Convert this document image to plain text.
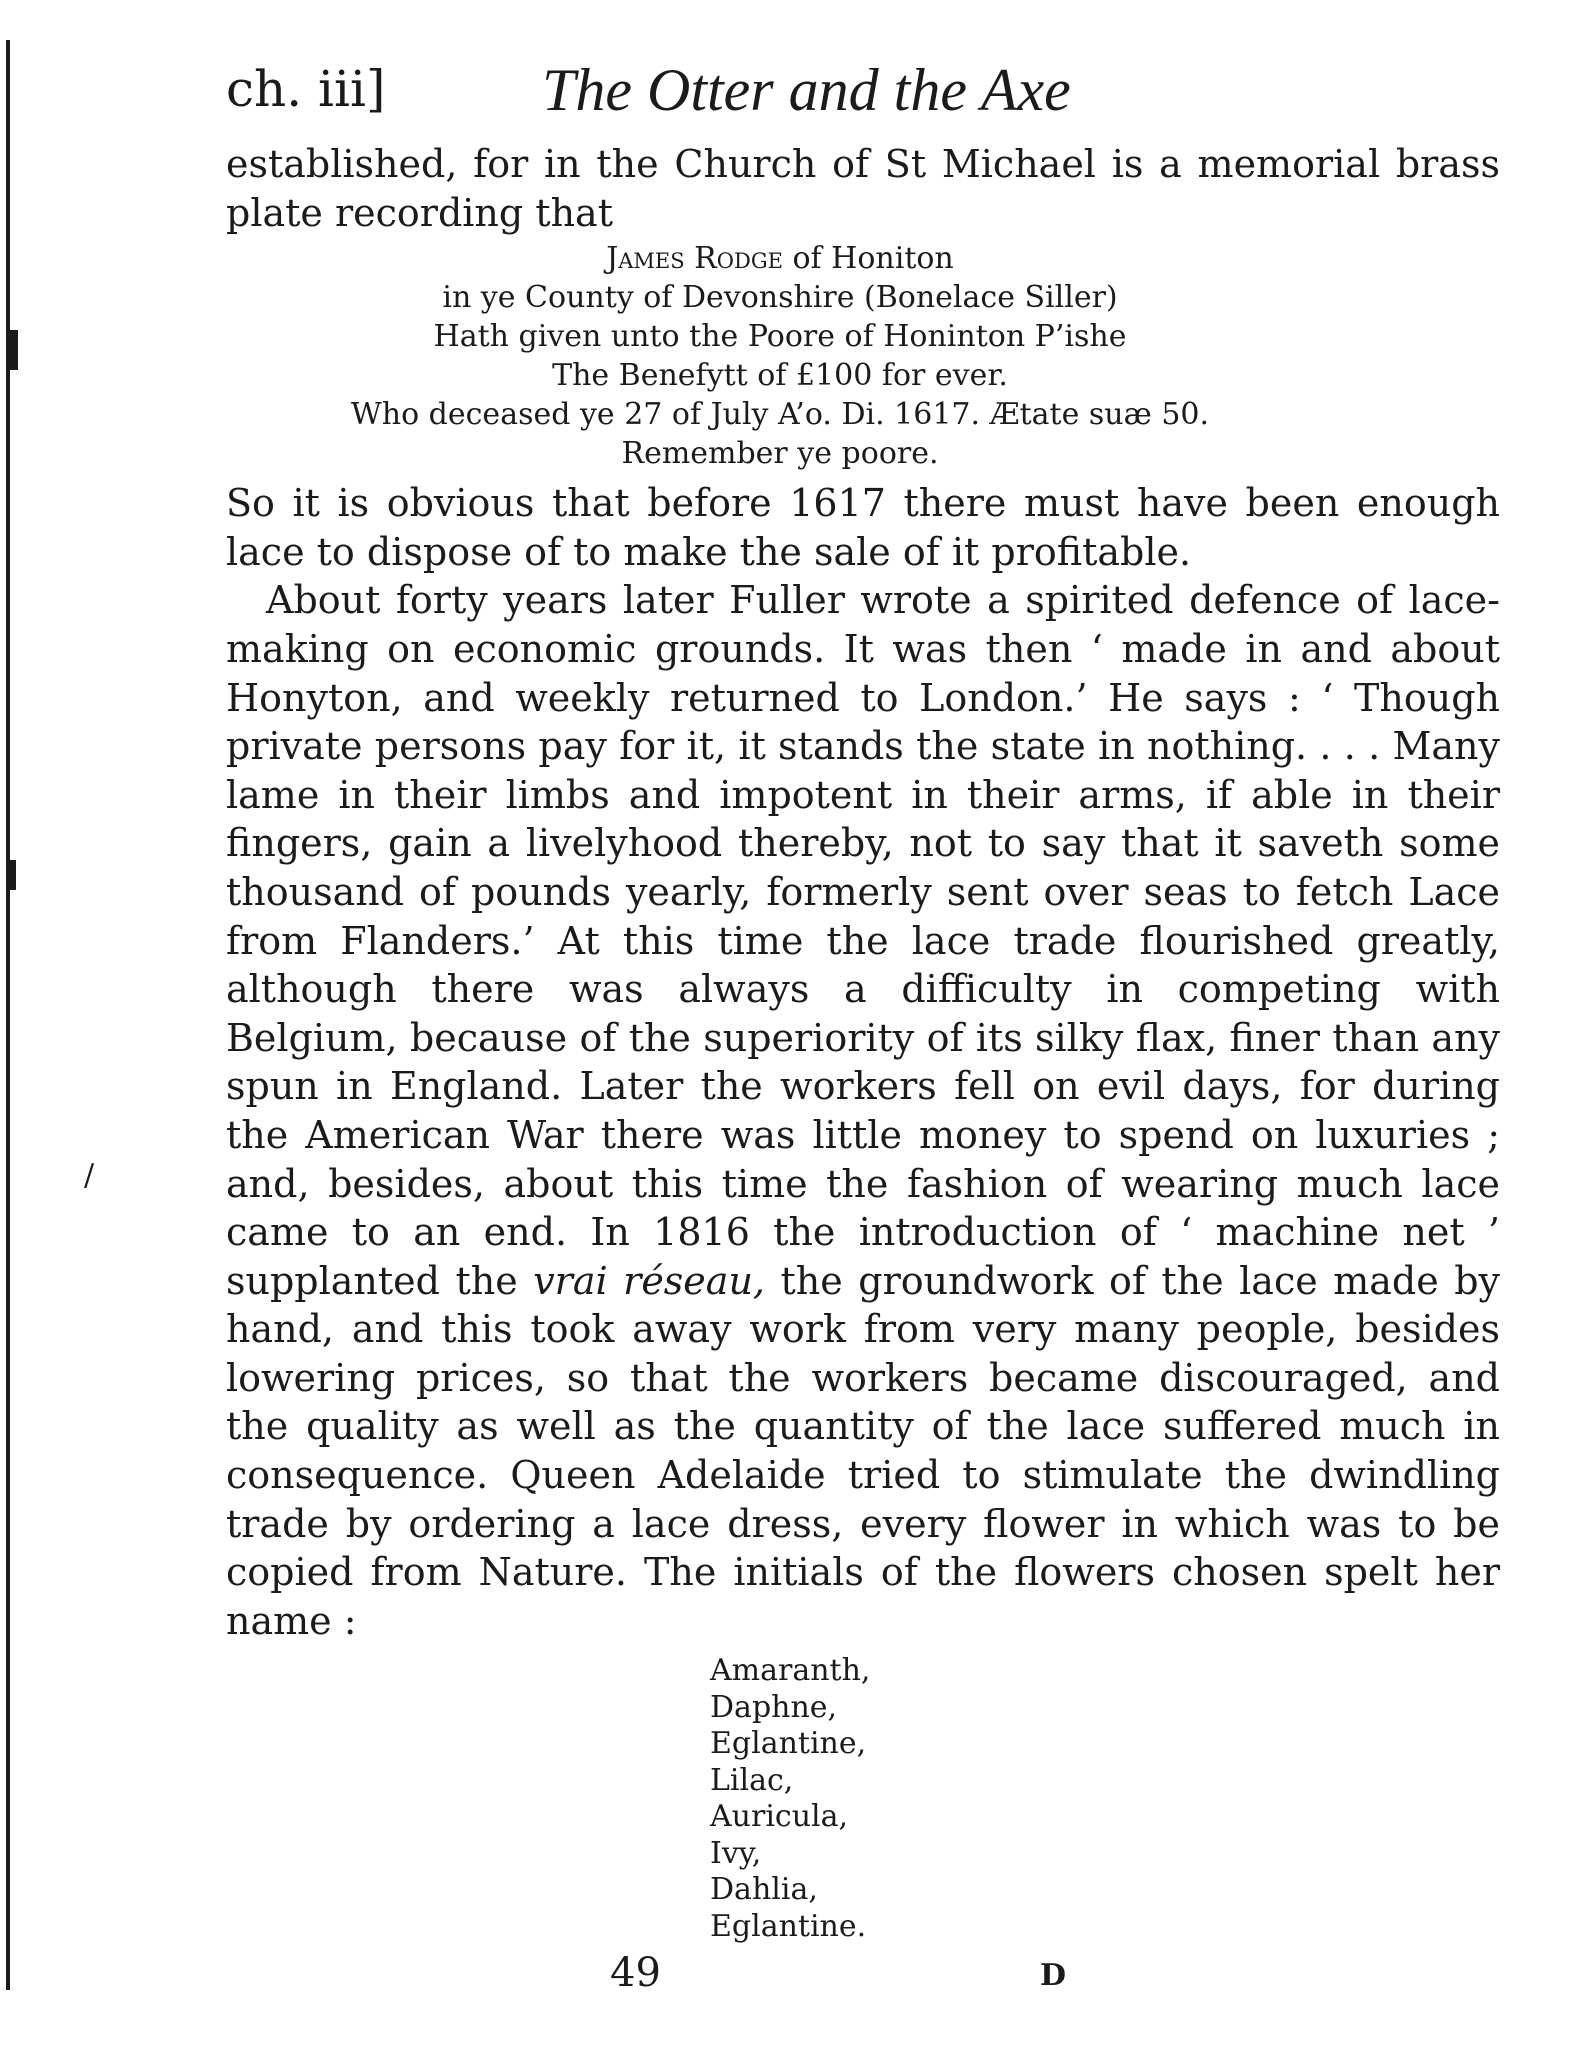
ch. iii]	The Otter and the Axe

established, for in the Church of St Michael is a memorial brass plate recording that

James Rodge of Honiton
in ye County of Devonshire (Bonelace Siller)
Hath given unto the Poore of Honinton P’ishe
The Benefytt of £100 for ever.
Who deceased ye 27 of July A’o. Di. 1617. Ætate suæ 50.
Remember ye poore.

So it is obvious that before 1617 there must have been enough lace to dispose of to make the sale of it profitable.

About forty years later Fuller wrote a spirited defence of lace-making on economic grounds. It was then ‘ made in and about Honyton, and weekly returned to London.’ He says : ‘ Though private persons pay for it, it stands the state in nothing. . . . Many lame in their limbs and impotent in their arms, if able in their fingers, gain a livelyhood thereby, not to say that it saveth some thousand of pounds yearly, formerly sent over seas to fetch Lace from Flanders.’ At this time the lace trade flourished greatly, although there was always a difficulty in competing with Belgium, because of the superiority of its silky flax, finer than any spun in England. Later the workers fell on evil days, for during the American War there was little money to spend on luxuries ; and, besides, about this time the fashion of wearing much lace came to an end. In 1816 the introduction of ‘ machine net ’ supplanted the vrai réseau, the groundwork of the lace made by hand, and this took away work from very many people, besides lowering prices, so that the workers became discouraged, and the quality as well as the quantity of the lace suffered much in consequence. Queen Adelaide tried to stimulate the dwindling trade by ordering a lace dress, every flower in which was to be copied from Nature. The initials of the flowers chosen spelt her name :

Amaranth,
Daphne,
Eglantine,
Lilac,
Auricula,
Ivy,
Dahlia,
Eglantine.
/
49	D
